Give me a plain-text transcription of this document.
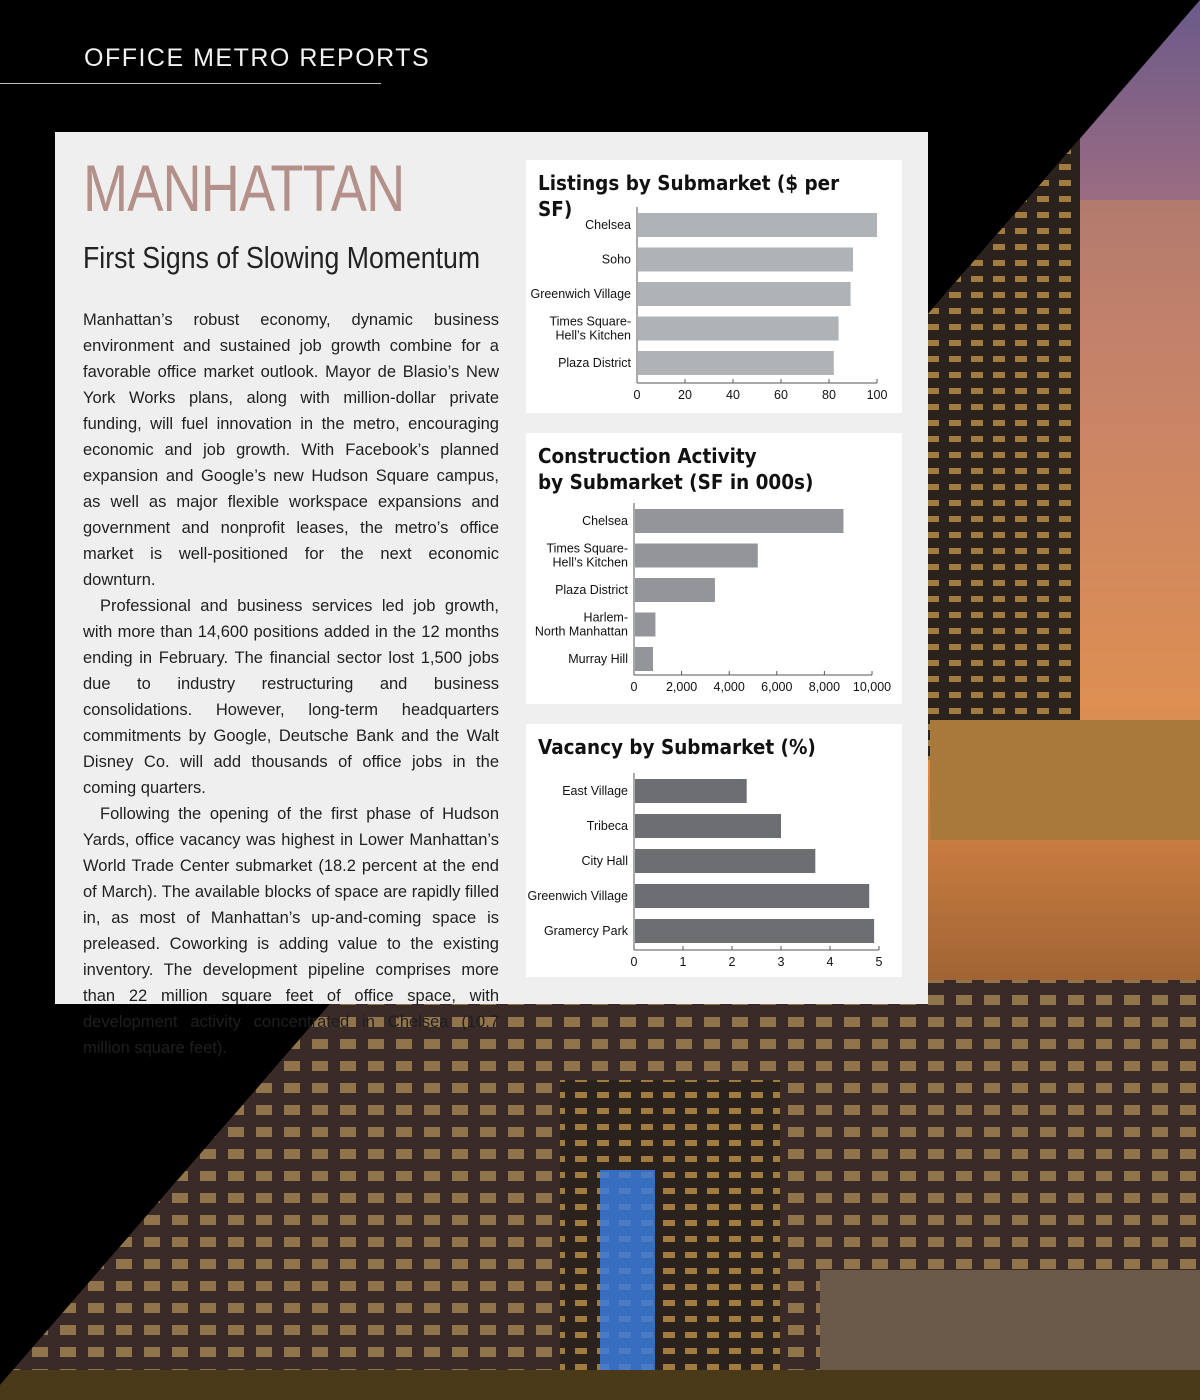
OFFICE METRO REPORTS
MANHATTAN
First Signs of Slowing Momentum

Manhattan’s robust economy, dynamic business environment and sustained job growth combine for a favorable office market outlook. Mayor de Blasio’s New York Works plans, along with million-dollar private funding, will fuel innovation in the metro, encouraging economic and job growth. With Facebook’s planned expansion and Google’s new Hudson Square campus, as well as major flexible workspace expansions and government and nonprofit leases, the metro’s office market is well-positioned for the next economic downturn.

Professional and business services led job growth, with more than 14,600 positions added in the 12 months ending in February. The financial sector lost 1,500 jobs due to industry restructuring and business consolidations. However, long-term headquarters commitments by Google, Deutsche Bank and the Walt Disney Co. will add thousands of office jobs in the coming quarters.

Following the opening of the first phase of Hudson Yards, office vacancy was highest in Lower Manhattan’s World Trade Center submarket (18.2 percent at the end of March). The available blocks of space are rapidly filled in, as most of Manhattan’s up-and-coming space is preleased. Coworking is adding value to the existing inventory. The development pipeline comprises more than 22 million square feet of office space, with development activity concentrated in Chelsea (10.7 million square feet).

Listings by Submarket ($ per SF)
Chelsea
Soho
Greenwich Village
Times Square-Hell’s Kitchen
Plaza District
0	20	40	60	80 100
Construction Activity
by Submarket (SF in 000s)
Chelsea
Times Square-Hell’s Kitchen
Plaza District
Harlem-North Manhattan
Murray Hill
0 2,000 4,000 6,000 8,000 10,000
Vacancy by Submarket (%)
East Village
Tribeca
City Hall
Greenwich Village
Gramercy Park
0	1	2	3	4	5
